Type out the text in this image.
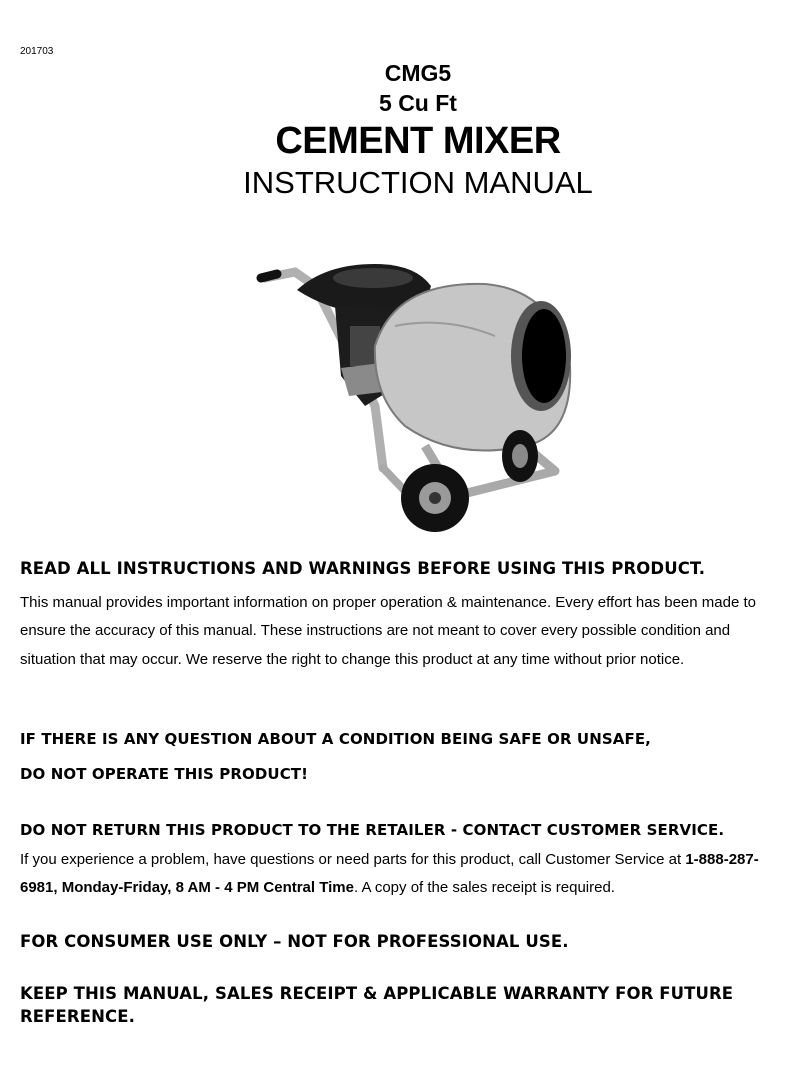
201703
CMG5
5 Cu Ft
CEMENT MIXER
INSTRUCTION MANUAL
READ ALL INSTRUCTIONS AND WARNINGS BEFORE USING THIS PRODUCT.
This manual provides important information on proper operation & maintenance. Every effort has been made to ensure the accuracy of this manual. These instructions are not meant to cover every possible condition and situation that may occur. We reserve the right to change this product at any time without prior notice.
IF THERE IS ANY QUESTION ABOUT A CONDITION BEING SAFE OR UNSAFE,
DO NOT OPERATE THIS PRODUCT!
DO NOT RETURN THIS PRODUCT TO THE RETAILER - CONTACT CUSTOMER SERVICE.
If you experience a problem, have questions or need parts for this product, call Customer Service at 1-888-287-6981, Monday-Friday, 8 AM - 4 PM Central Time. A copy of the sales receipt is required.
FOR CONSUMER USE ONLY – NOT FOR PROFESSIONAL USE.
KEEP THIS MANUAL, SALES RECEIPT & APPLICABLE WARRANTY FOR FUTURE REFERENCE.
